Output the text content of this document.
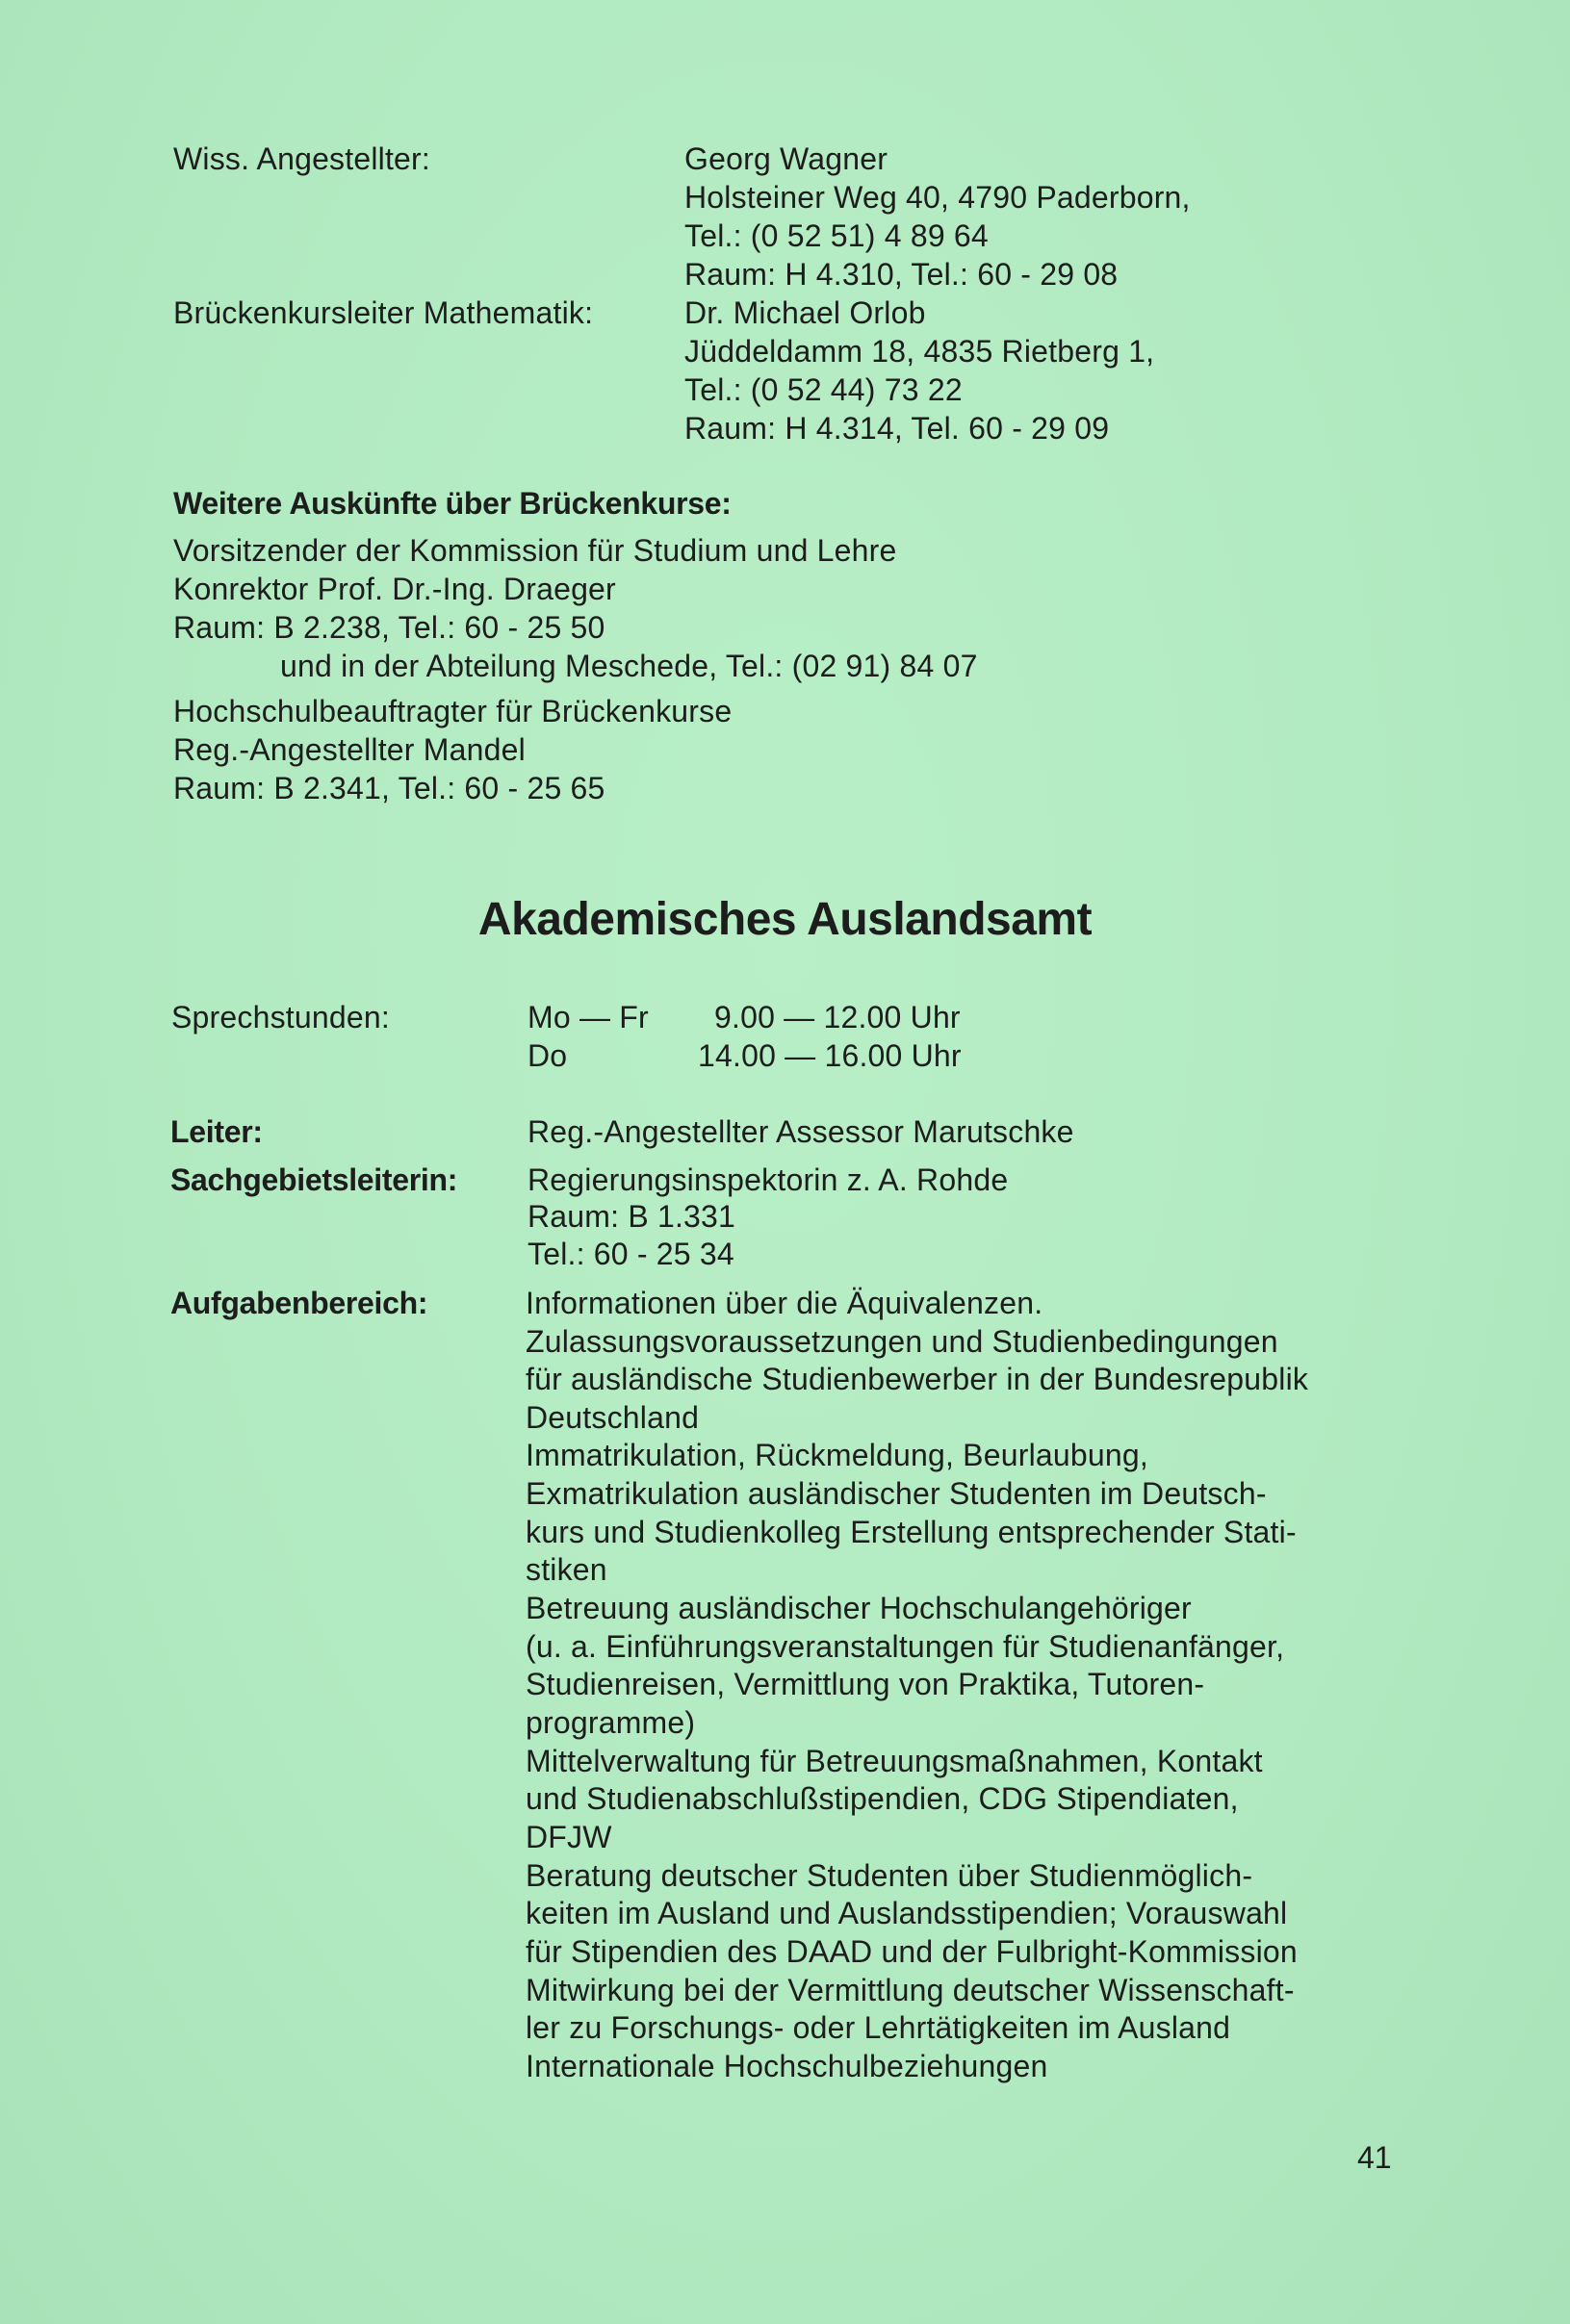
Wiss. Angestellter:	Georg Wagner
Holsteiner Weg 40, 4790 Paderborn,
Tel.: (0 52 51) 4 89 64
Raum: H 4.310, Tel.: 60 - 29 08
Brückenkursleiter Mathematik:	Dr. Michael Orlob
Jüddeldamm 18, 4835 Rietberg 1,
Tel.: (0 52 44) 73 22
Raum: H 4.314, Tel. 60 - 29 09
Weitere Auskünfte über Brückenkurse:
Vorsitzender der Kommission für Studium und Lehre
Konrektor Prof. Dr.-Ing. Draeger
Raum: B 2.238, Tel.: 60 - 25 50
und in der Abteilung Meschede, Tel.: (02 91) 84 07
Hochschulbeauftragter für Brückenkurse
Reg.-Angestellter Mandel
Raum: B 2.341, Tel.: 60 - 25 65
Akademisches Auslandsamt
Sprechstunden:	Mo — Fr 9.00 — 12.00 Uhr
Do	14.00 — 16.00 Uhr
Leiter:	Reg.-Angestellter Assessor Marutschke
Sachgebietsleiterin: Regierungsinspektorin z. A. Rohde
Raum: B 1.331
Tel.: 60 - 25 34
Aufgabenbereich:	Informationen über die Äquivalenzen.
Zulassungsvoraussetzungen und Studienbedingungen
für ausländische Studienbewerber in der Bundesrepublik
Deutschland
Immatrikulation, Rückmeldung, Beurlaubung,
Exmatrikulation ausländischer Studenten im Deutsch-
kurs und Studienkolleg Erstellung entsprechender Stati-
stiken
Betreuung ausländischer Hochschulangehöriger
(u. a. Einführungsveranstaltungen für Studienanfänger,
Studienreisen, Vermittlung von Praktika, Tutoren-
programme)
Mittelverwaltung für Betreuungsmaßnahmen, Kontakt
und Studienabschlußstipendien, CDG Stipendiaten,
DFJW
Beratung deutscher Studenten über Studienmöglich-
keiten im Ausland und Auslandsstipendien; Vorauswahl
für Stipendien des DAAD und der Fulbright-Kommission
Mitwirkung bei der Vermittlung deutscher Wissenschaft-
ler zu Forschungs- oder Lehrtätigkeiten im Ausland
Internationale Hochschulbeziehungen
41
